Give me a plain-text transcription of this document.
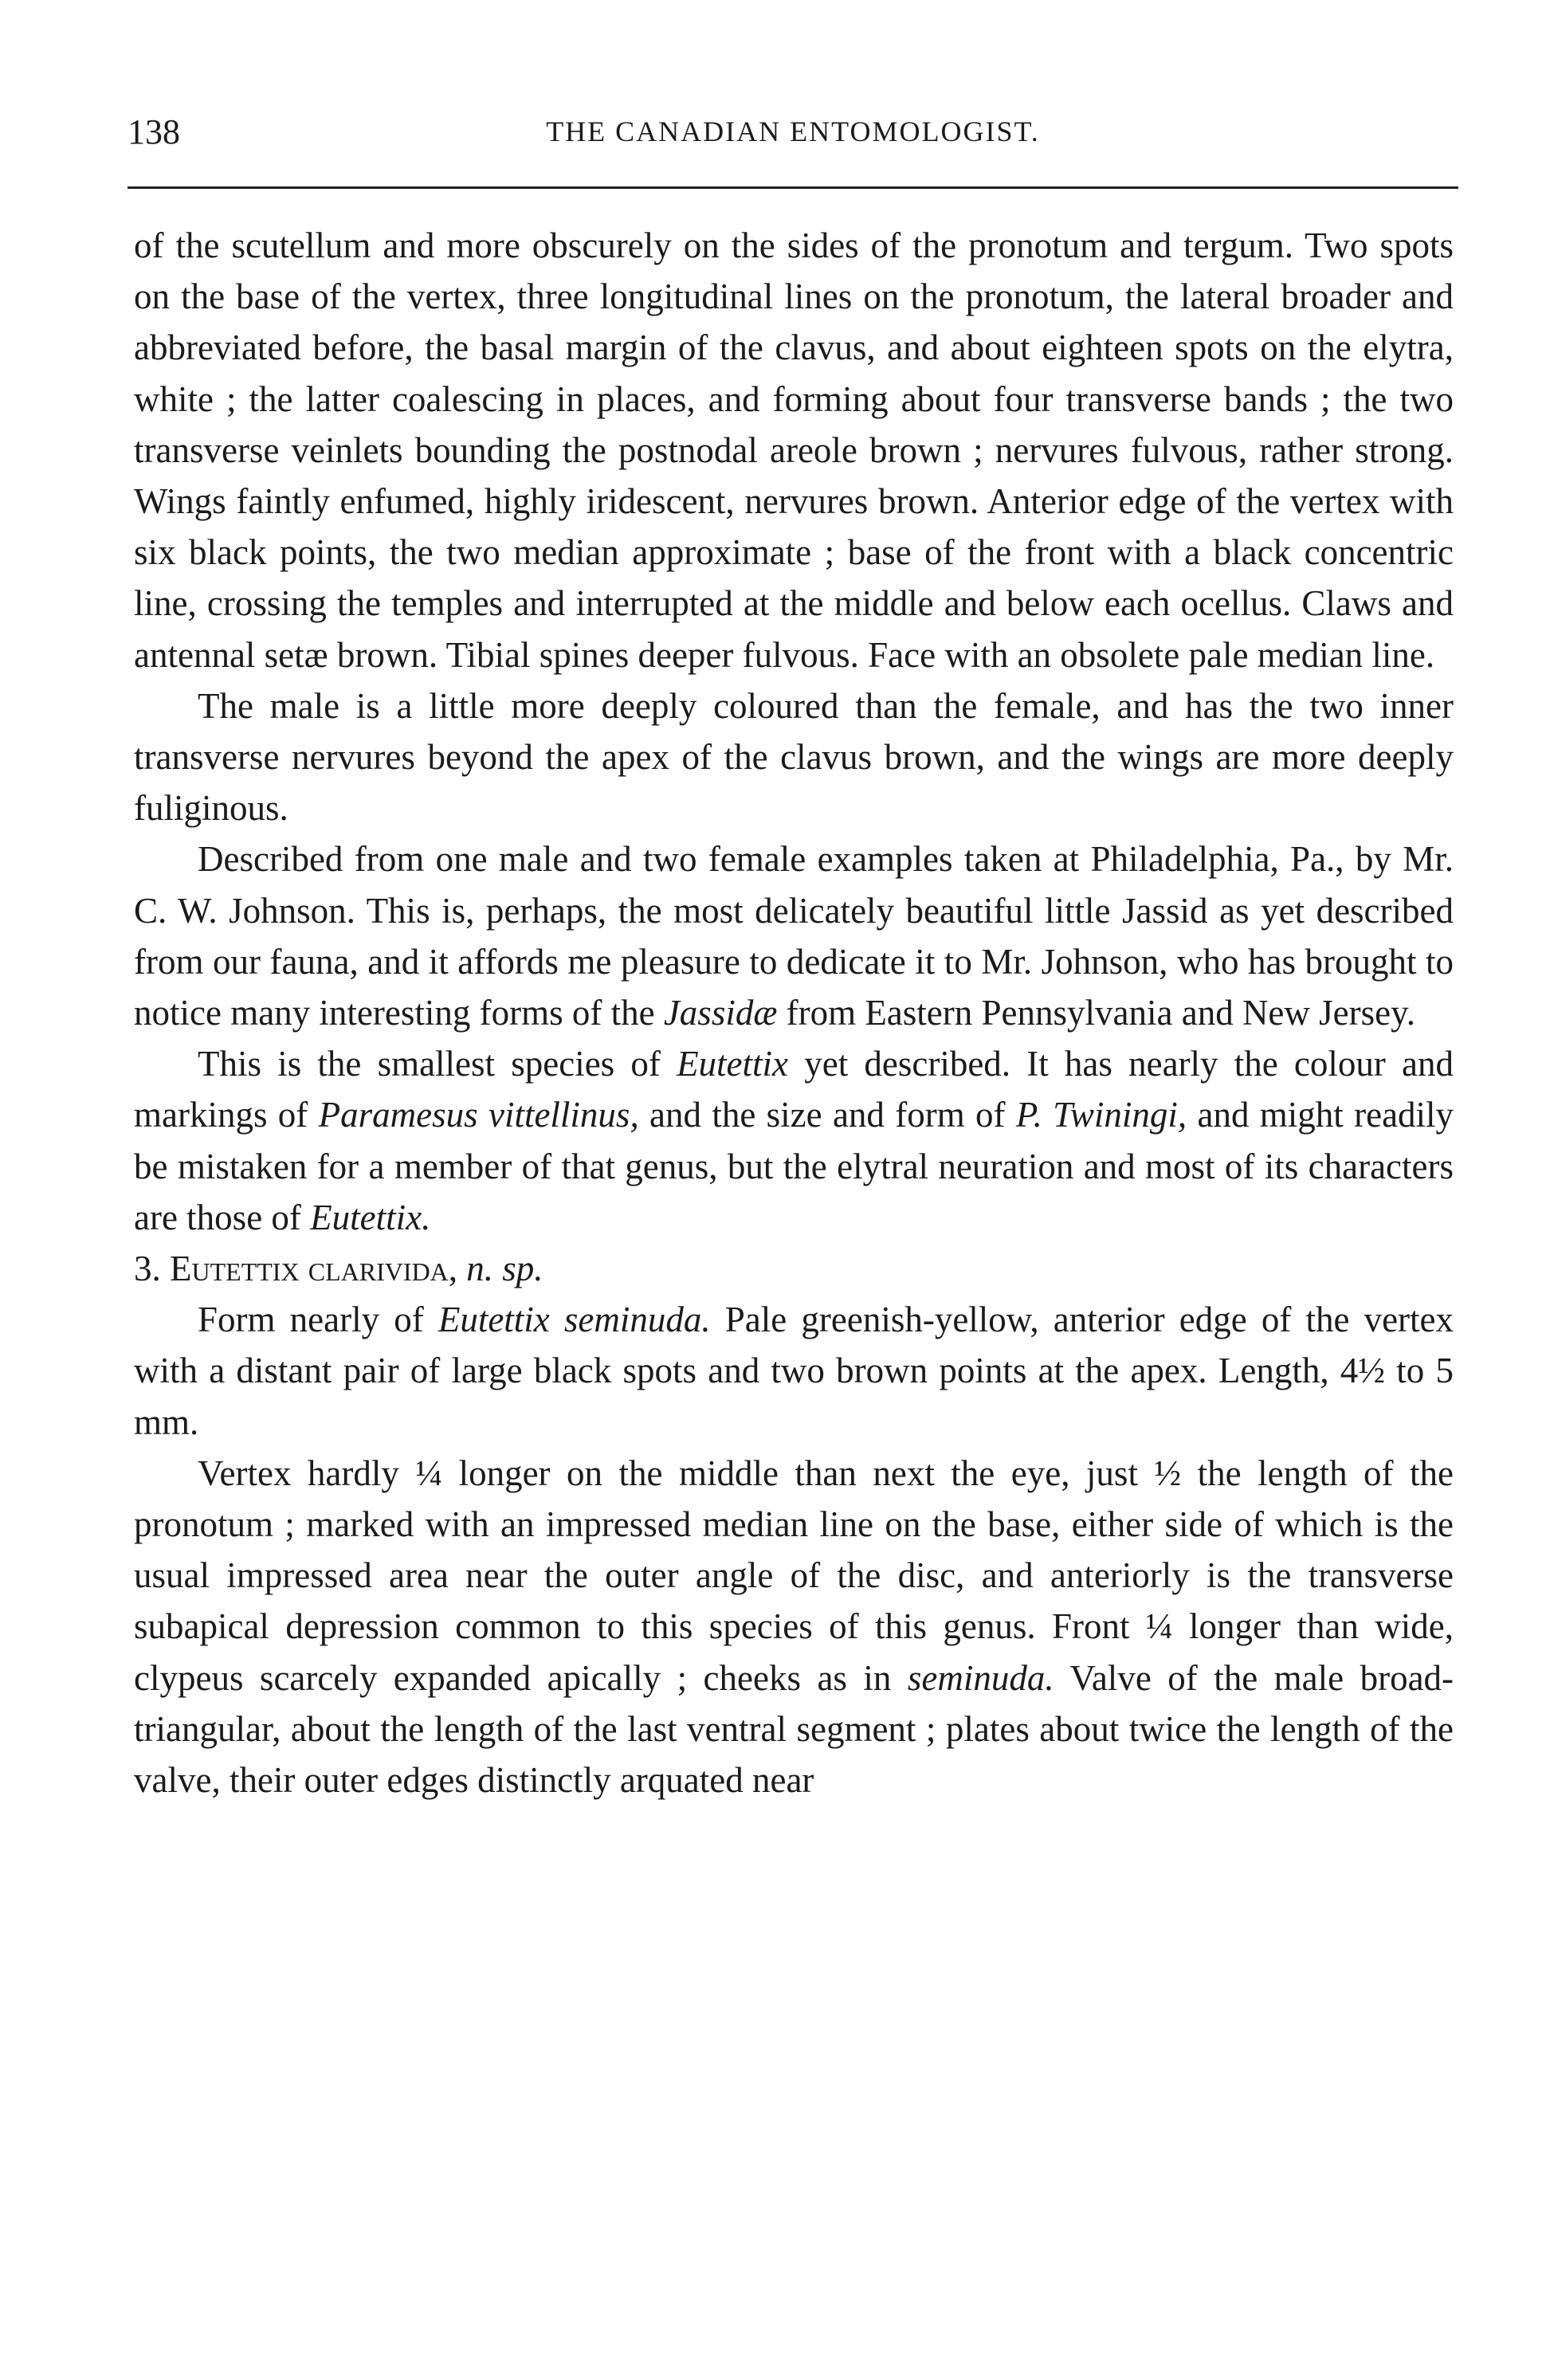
138	THE CANADIAN ENTOMOLOGIST.

of the scutellum and more obscurely on the sides of the pronotum and tergum. Two spots on the base of the vertex, three longitudinal lines on the pronotum, the lateral broader and abbreviated before, the basal margin of the clavus, and about eighteen spots on the elytra, white ; the latter coalescing in places, and forming about four transverse bands ; the two transverse veinlets bounding the postnodal areole brown ; nervures fulvous, rather strong. Wings faintly enfumed, highly iridescent, nervures brown. Anterior edge of the vertex with six black points, the two median approximate ; base of the front with a black concentric line, crossing the temples and interrupted at the middle and below each ocellus. Claws and antennal setæ brown. Tibial spines deeper fulvous. Face with an obsolete pale median line.

The male is a little more deeply coloured than the female, and has the two inner transverse nervures beyond the apex of the clavus brown, and the wings are more deeply fuliginous.

Described from one male and two female examples taken at Philadelphia, Pa., by Mr. C. W. Johnson. This is, perhaps, the most delicately beautiful little Jassid as yet described from our fauna, and it affords me pleasure to dedicate it to Mr. Johnson, who has brought to notice many interesting forms of the Jassidæ from Eastern Pennsylvania and New Jersey.

This is the smallest species of Eutettix yet described. It has nearly the colour and markings of Paramesus vittellinus, and the size and form of P. Twiningi, and might readily be mistaken for a member of that genus, but the elytral neuration and most of its characters are those of Eutettix.

3. Eutettix clarivida, n. sp.

Form nearly of Eutettix seminuda. Pale greenish-yellow, anterior edge of the vertex with a distant pair of large black spots and two brown points at the apex. Length, 4½ to 5 mm.

Vertex hardly ¼ longer on the middle than next the eye, just ½ the length of the pronotum ; marked with an impressed median line on the base, either side of which is the usual impressed area near the outer angle of the disc, and anteriorly is the transverse subapical depression common to this species of this genus. Front ¼ longer than wide, clypeus scarcely expanded apically ; cheeks as in seminuda. Valve of the male broad-triangular, about the length of the last ventral segment ; plates about twice the length of the valve, their outer edges distinctly arquated near
